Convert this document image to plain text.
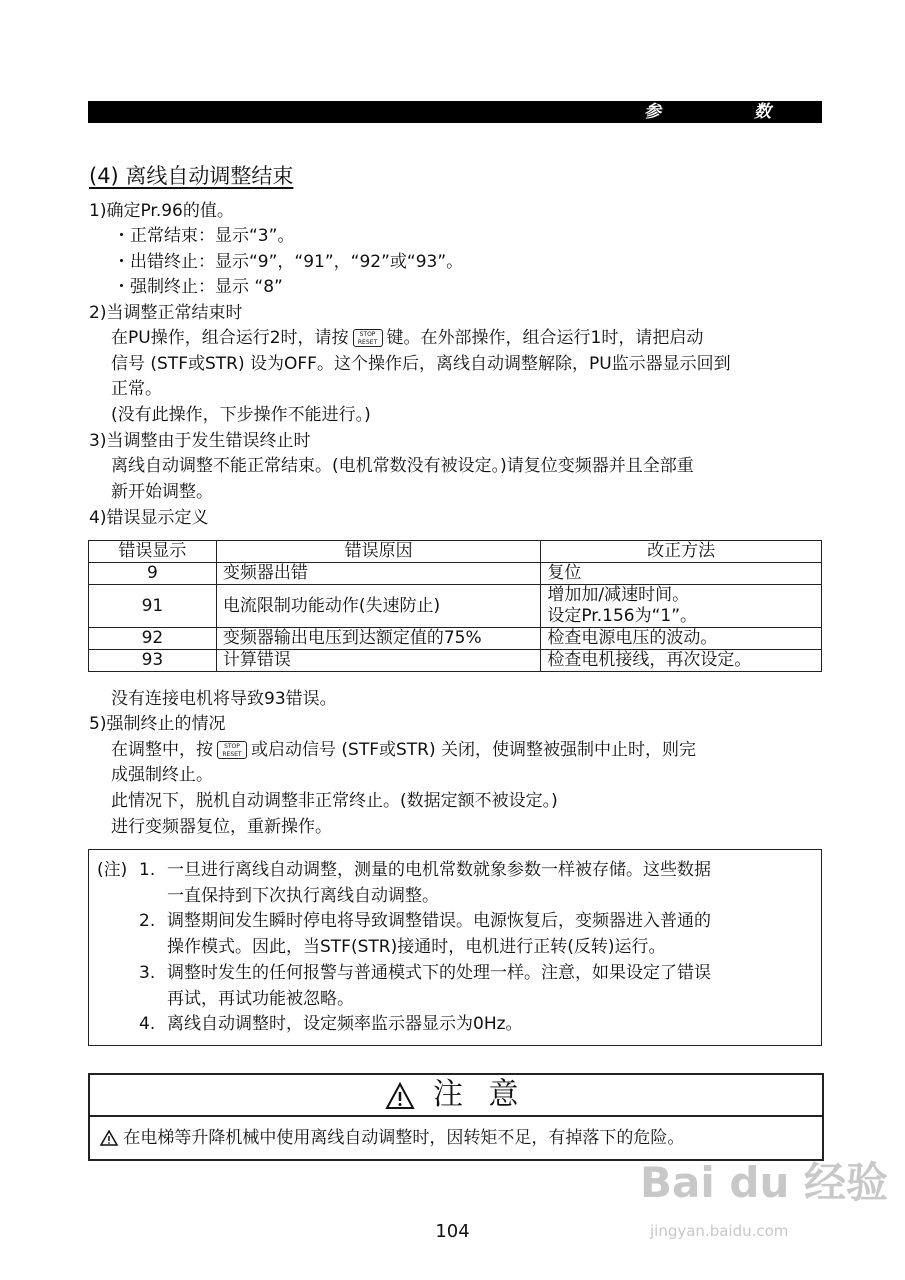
参	数
(4) 离线自动调整结束
1)确定Pr.96的值。
・正常结束：显示“3”。
・出错终止：显示“9”，“91”，“92”或“93”。
・强制终止：显示 “8”
2)当调整正常结束时
在PU操作，组合运行2时，请按	STOP
RESET 键。在外部操作，组合运行1时，请把启动
信号 (STF或STR) 设为OFF。这个操作后，离线自动调整解除，PU监示器显示回到
正常。
(没有此操作，下步操作不能进行。)
3)当调整由于发生错误终止时
离线自动调整不能正常结束。(电机常数没有被设定。)请复位变频器并且全部重
新开始调整。
4)错误显示定义
错误显示	错误原因	改正方法
9	变频器出错	复位
91	电流限制功能动作(失速防止)	增加加/减速时间。
设定Pr.156为“1”。

92	变频器输出电压到达额定值的75%	检查电源电压的波动。
93	计算错误	检查电机接线，再次设定。
没有连接电机将导致93错误。
5)强制终止的情况
在调整中，按	STOP
RESET 或启动信号 (STF或STR) 关闭，使调整被强制中止时，则完
成强制终止。
此情况下，脱机自动调整非正常终止。(数据定额不被设定。)
进行变频器复位，重新操作。
(注) 1. 一旦进行离线自动调整，测量的电机常数就象参数一样被存储。这些数据
一直保持到下次执行离线自动调整。
2. 调整期间发生瞬时停电将导致调整错误。电源恢复后，变频器进入普通的
操作模式。因此，当STF(STR)接通时，电机进行正转(反转)运行。
3. 调整时发生的任何报警与普通模式下的处理一样。注意，如果设定了错误
再试，再试功能被忽略。
4. 离线自动调整时，设定频率监示器显示为0Hz。
注 意
在电梯等升降机械中使用离线自动调整时，因转矩不足，有掉落下的危险。
Bai du 经验
jingyan.baidu.com
104
